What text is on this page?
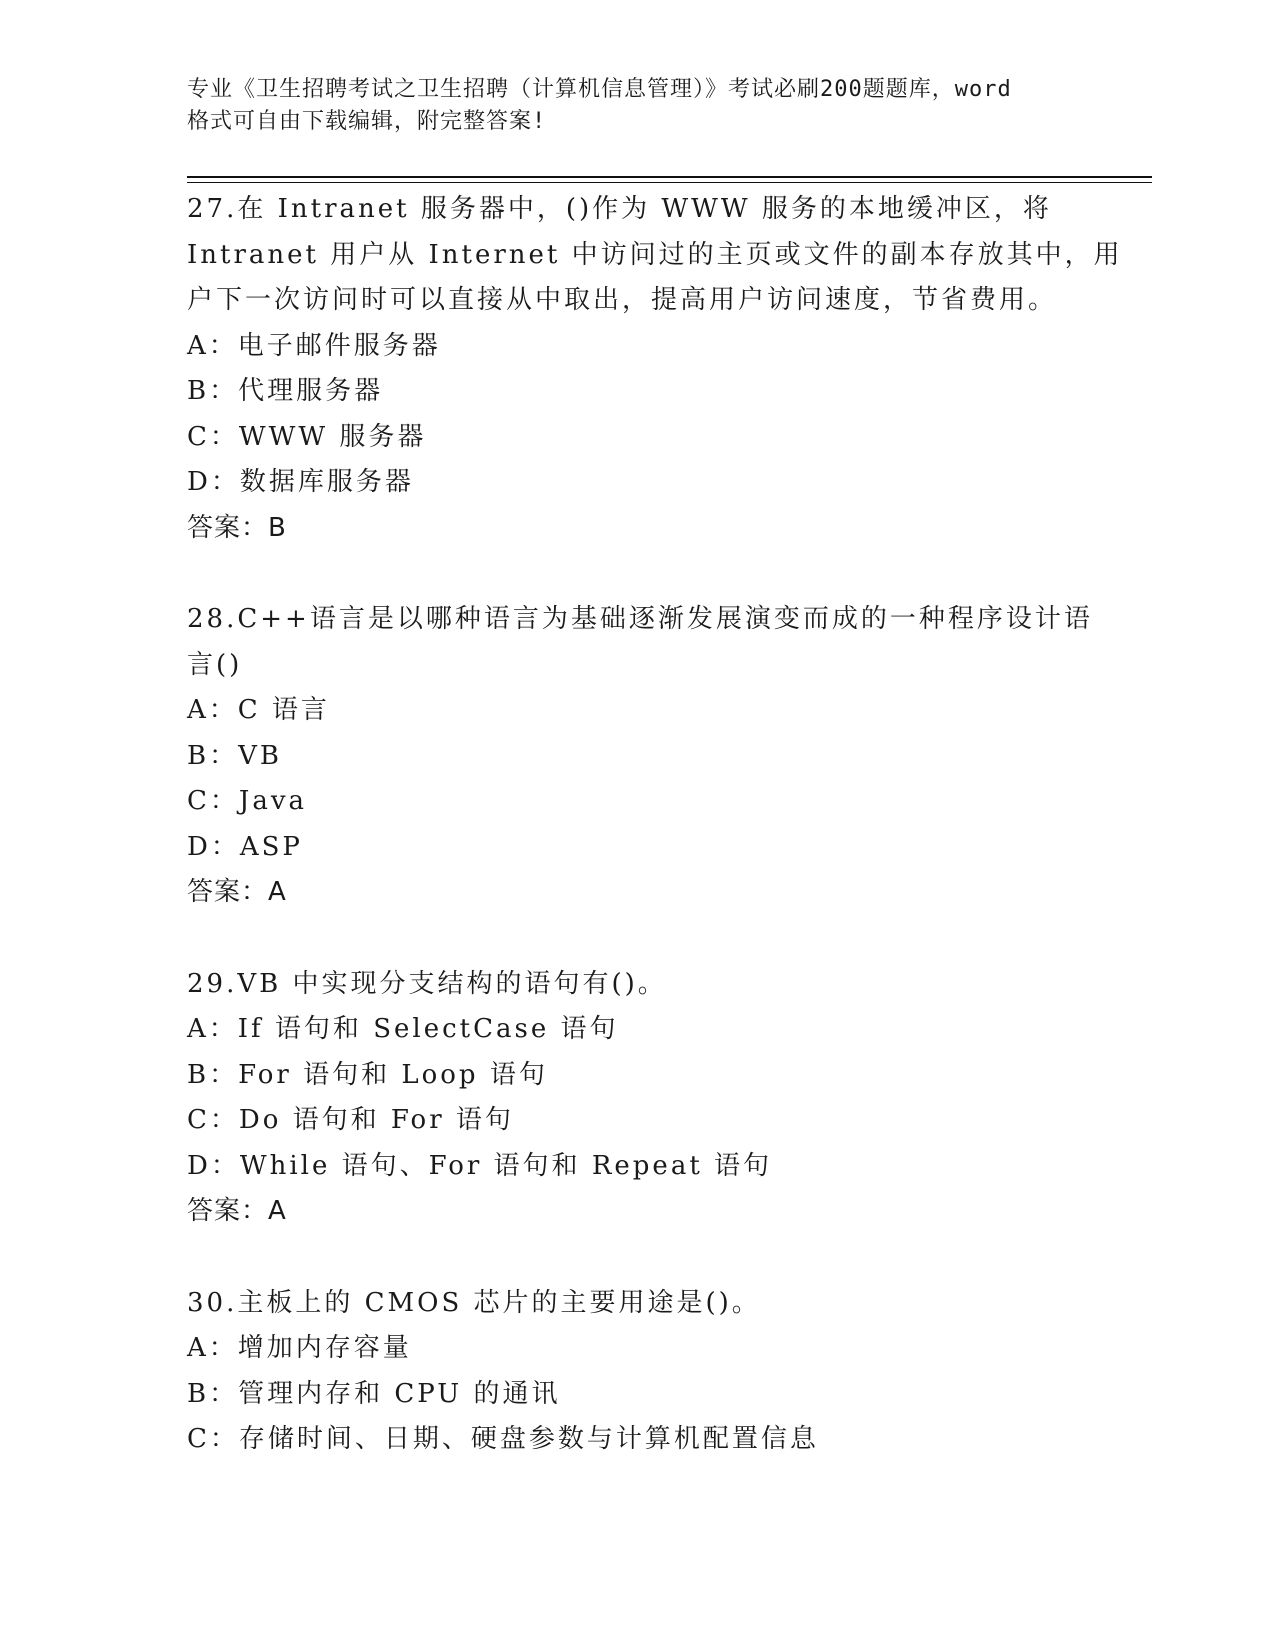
专业《卫生招聘考试之卫生招聘（计算机信息管理）》考试必刷200题题库，word
格式可自由下载编辑，附完整答案!
27.在 Intranet 服务器中，()作为 WWW 服务的本地缓冲区，将
Intranet 用户从 Internet 中访问过的主页或文件的副本存放其中，用
户下一次访问时可以直接从中取出，提高用户访问速度，节省费用。
A：电子邮件服务器
B：代理服务器
C：WWW 服务器
D：数据库服务器
答案：B
28.C++语言是以哪种语言为基础逐渐发展演变而成的一种程序设计语
言()
A：C 语言
B：VB
C：Java
D：ASP
答案：A
29.VB 中实现分支结构的语句有()。
A：If 语句和 SelectCase 语句
B：For 语句和 Loop 语句
C：Do 语句和 For 语句
D：While 语句、For 语句和 Repeat 语句
答案：A
30.主板上的 CMOS 芯片的主要用途是()。
A：增加内存容量
B：管理内存和 CPU 的通讯
C：存储时间、日期、硬盘参数与计算机配置信息
